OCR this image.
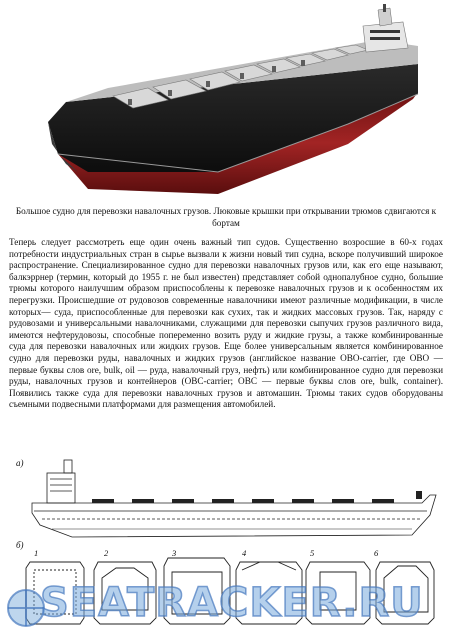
Большое судно для перевозки навалочных грузов. Люковые крышки при открывании трюмов сдвигаются к бортам
Теперь следует рассмотреть еще один очень важный тип судов. Существенно возросшие в 60-х годах потребности индустриальных стран в сырье вызвали к жизни новый тип судна, вскоре получивший широкое распространение. Специализированное судно для перевозки навалочных грузов или, как его еще называют, балкэррнер (термин, который до 1955 г. не был известен) представляет собой однопалубное судно, большие трюмы которого наилучшим образом приспособлены к перевозке навалочных грузов и к особенностям их перегрузки. Происшедшие от рудовозов современные навалочники имеют различные модификации, в числе которых— суда, приспособленные для перевозки как сухих, так и жидких массовых грузов. Так, наряду с рудовозами и универсальными навалочниками, служащими для перевозки сыпучих грузов различного вида, имеются нефтерудовозы, способные попеременно возить руду и жидкие грузы, а также комбинированные суда для перевозки навалочных или жидких грузов. Еще более универсальным является комбинированное судно для перевозки руды, навалочных и жидких грузов (английское название OBO-carrier, где OBO — первые буквы слов ore, bulk, oil — руда, навалочный груз, нефть) или комбинированное судно для перевозки руды, навалочных грузов и контейнеров (OBC-carrier; OBC — первые буквы слов ore, bulk, container). Появились также суда для перевозки навалочных грузов и автомашин. Трюмы таких судов оборудованы съемными подвесными платформами для размещения автомобилей.
а)
б)
1	2	3	4	5	6
SEATRACKER.RU
